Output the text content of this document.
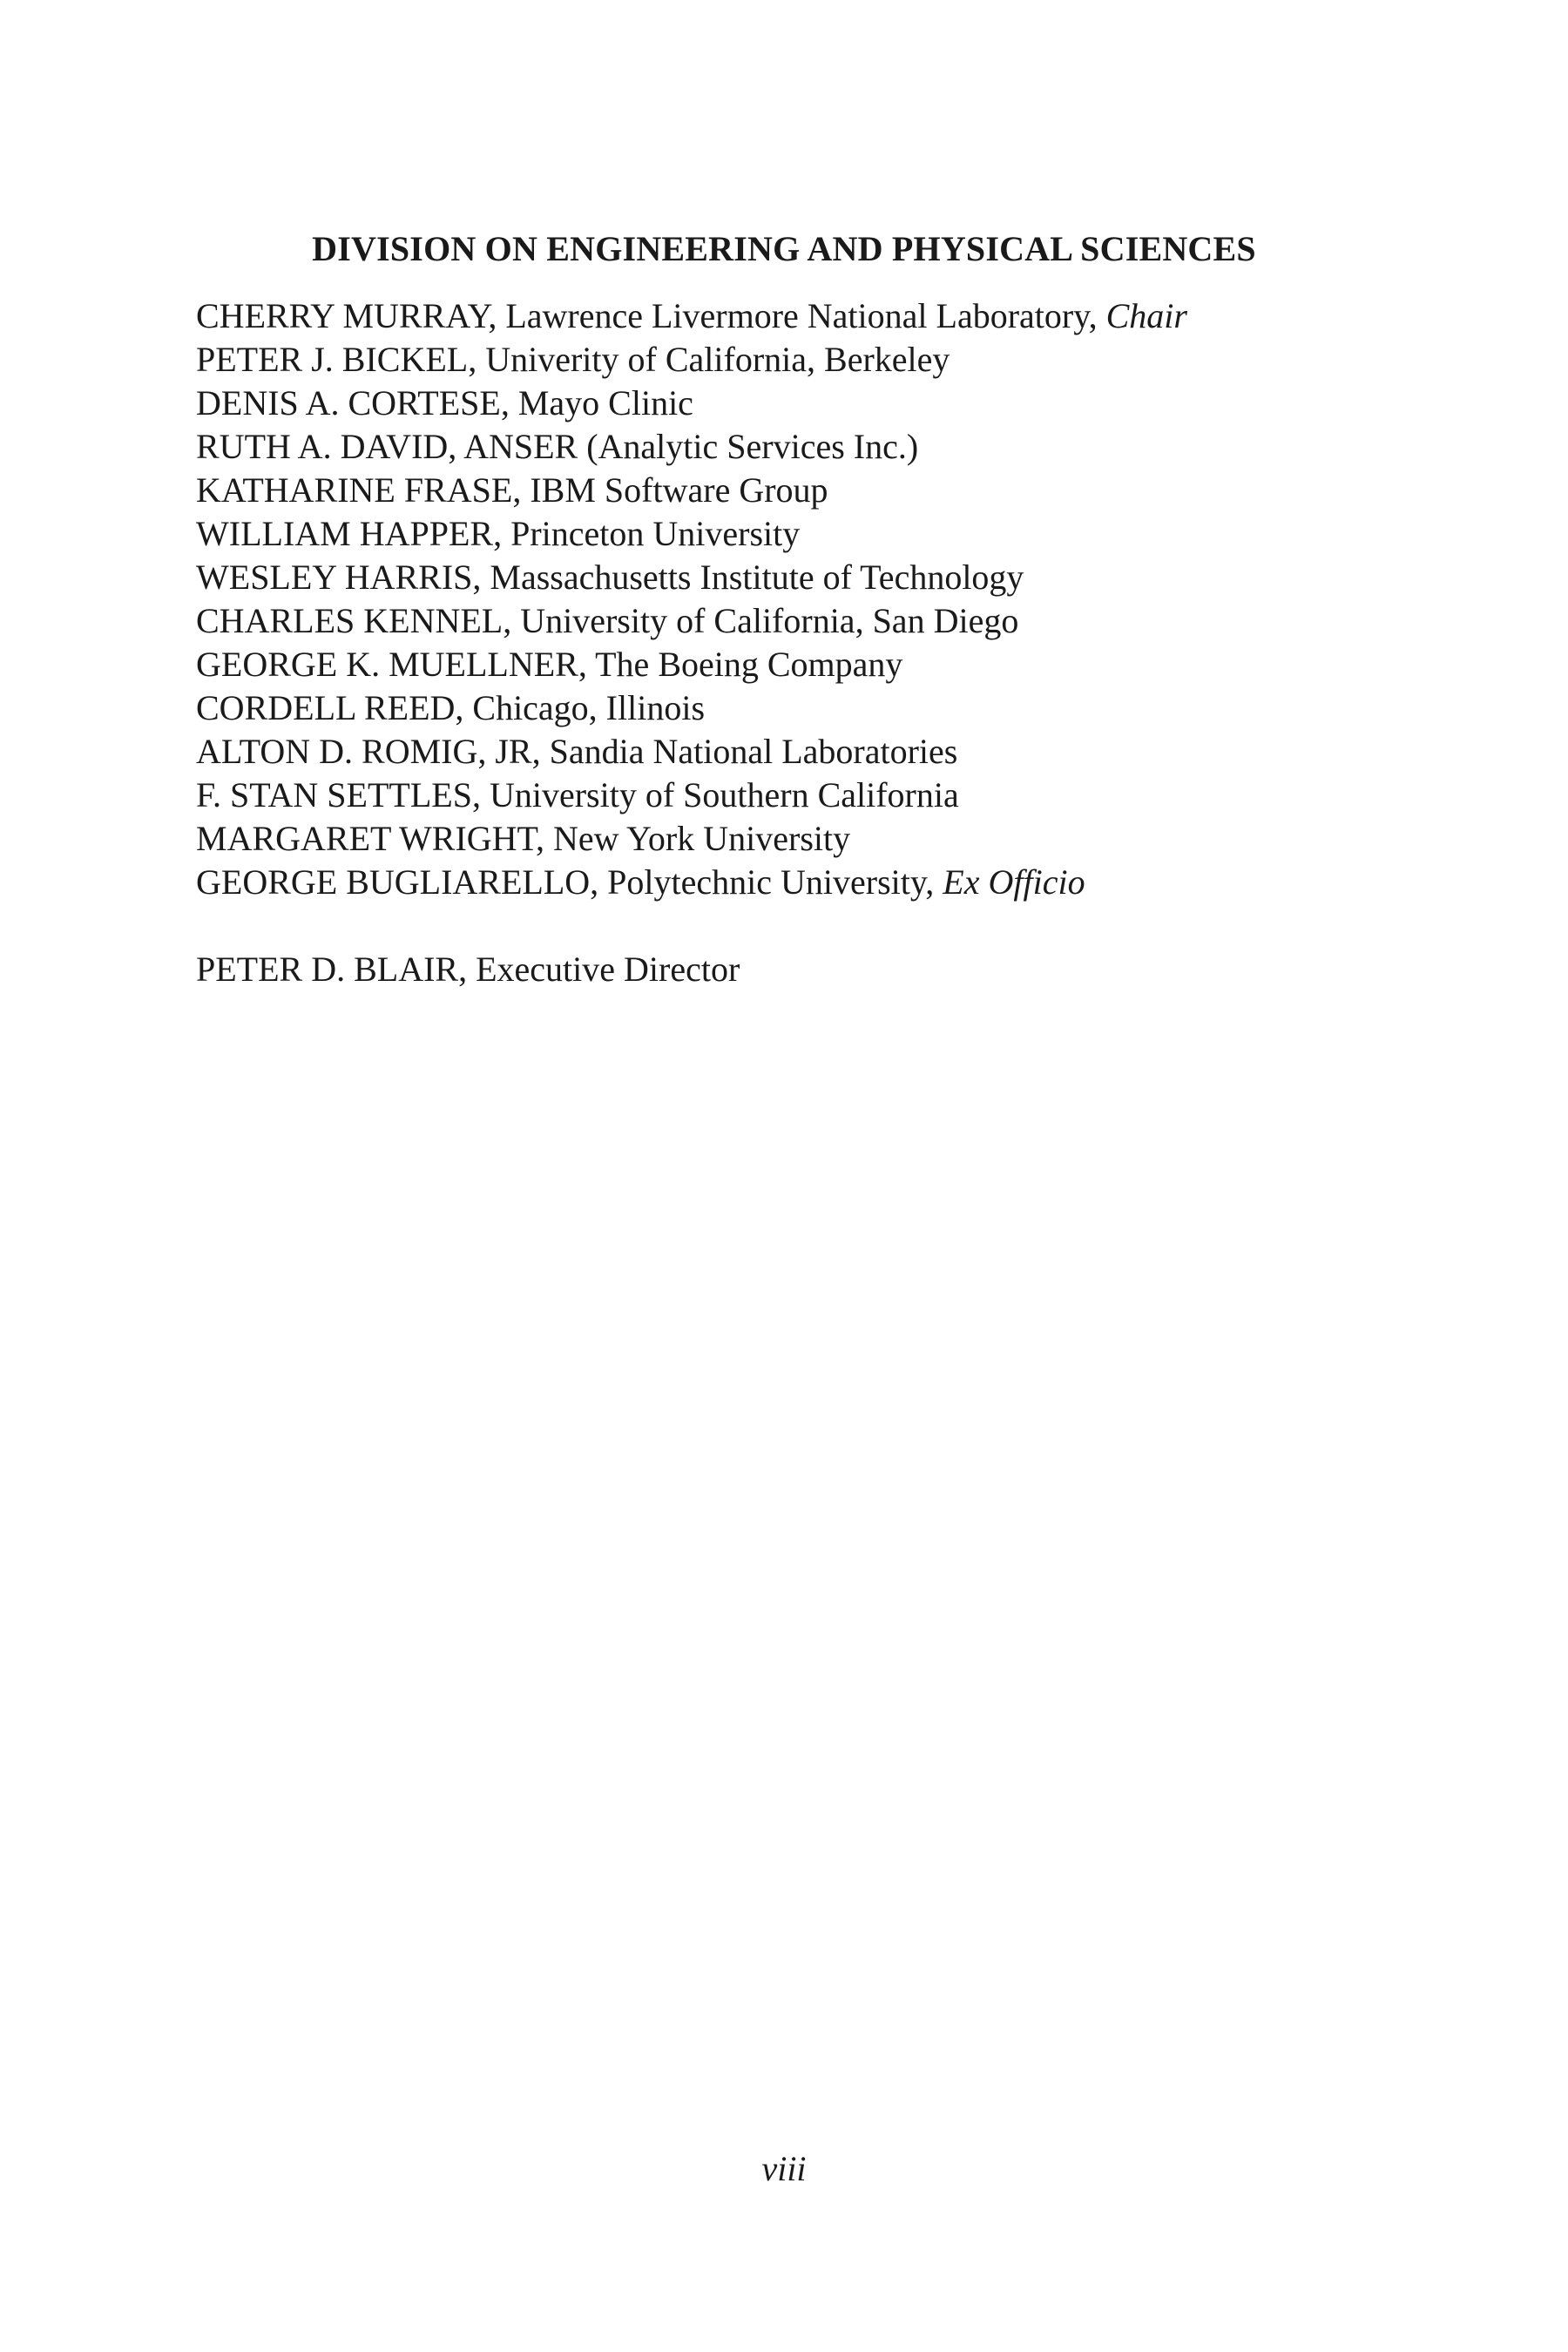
DIVISION ON ENGINEERING AND PHYSICAL SCIENCES
CHERRY MURRAY, Lawrence Livermore National Laboratory, Chair
PETER J. BICKEL, Univerity of California, Berkeley
DENIS A. CORTESE, Mayo Clinic
RUTH A. DAVID, ANSER (Analytic Services Inc.)
KATHARINE FRASE, IBM Software Group
WILLIAM HAPPER, Princeton University
WESLEY HARRIS, Massachusetts Institute of Technology
CHARLES KENNEL, University of California, San Diego
GEORGE K. MUELLNER, The Boeing Company
CORDELL REED, Chicago, Illinois
ALTON D. ROMIG, JR, Sandia National Laboratories
F. STAN SETTLES, University of Southern California
MARGARET WRIGHT, New York University
GEORGE BUGLIARELLO, Polytechnic University, Ex Officio

PETER D. BLAIR, Executive Director

viii
